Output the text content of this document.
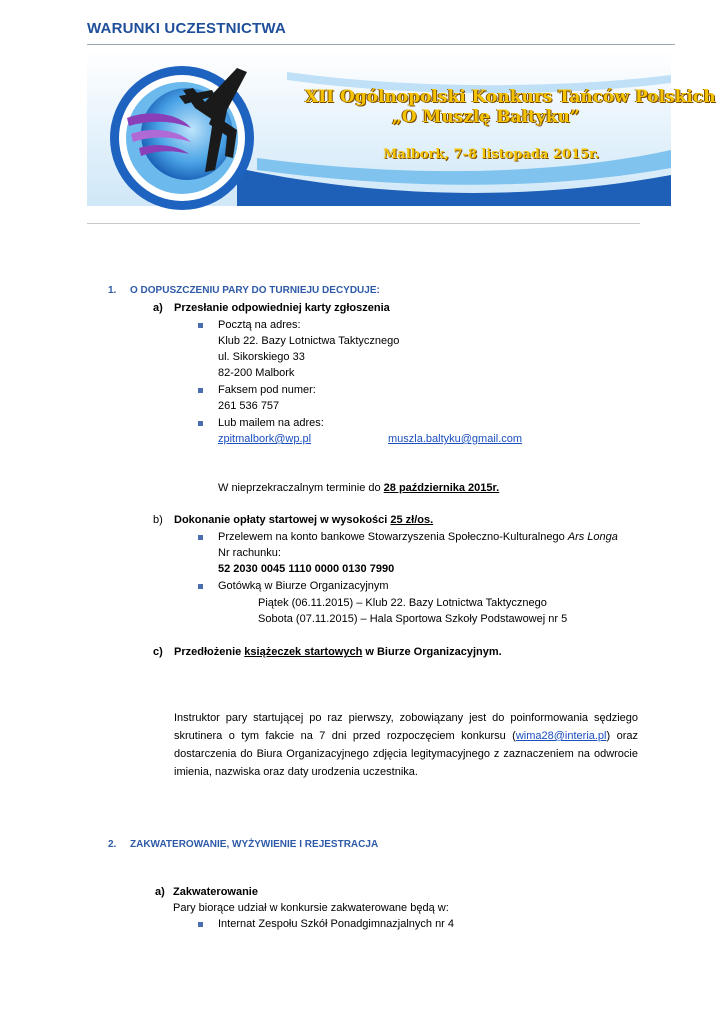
WARUNKI UCZESTNICTWA
XII Ogólnopolski Konkurs Tańców Polskich
„O Muszlę Bałtyku”
Malbork, 7-8 listopada 2015r.
1. O DOPUSZCZENIU PARY DO TURNIEJU DECYDUJE:
a) Przesłanie odpowiedniej karty zgłoszenia
Pocztą na adres:
Klub 22. Bazy Lotnictwa Taktycznego
ul. Sikorskiego 33
82-200 Malbork
Faksem pod numer:
261 536 757
Lub mailem na adres:
zpitmalbork@wp.pl	muszla.baltyku@gmail.com
W nieprzekraczalnym terminie do 28 października 2015r.
b) Dokonanie opłaty startowej w wysokości 25 zł/os.
Przelewem na konto bankowe Stowarzyszenia Społeczno-Kulturalnego Ars Longa
Nr rachunku:
52 2030 0045 1110 0000 0130 7990
Gotówką w Biurze Organizacyjnym
Piątek (06.11.2015) – Klub 22. Bazy Lotnictwa Taktycznego
Sobota (07.11.2015) – Hala Sportowa Szkoły Podstawowej nr 5
c) Przedłożenie książeczek startowych w Biurze Organizacyjnym.

Instruktor pary startującej po raz pierwszy, zobowiązany jest do poinformowania sędziego skrutinera o tym fakcie na 7 dni przed rozpoczęciem konkursu (wima28@interia.pl) oraz dostarczenia do Biura Organizacyjnego zdjęcia legitymacyjnego z zaznaczeniem na odwrocie imienia, nazwiska oraz daty urodzenia uczestnika.

2. ZAKWATEROWANIE, WYŻYWIENIE I REJESTRACJA
a) Zakwaterowanie
Pary biorące udział w konkursie zakwaterowane będą w:
Internat Zespołu Szkół Ponadgimnazjalnych nr 4
